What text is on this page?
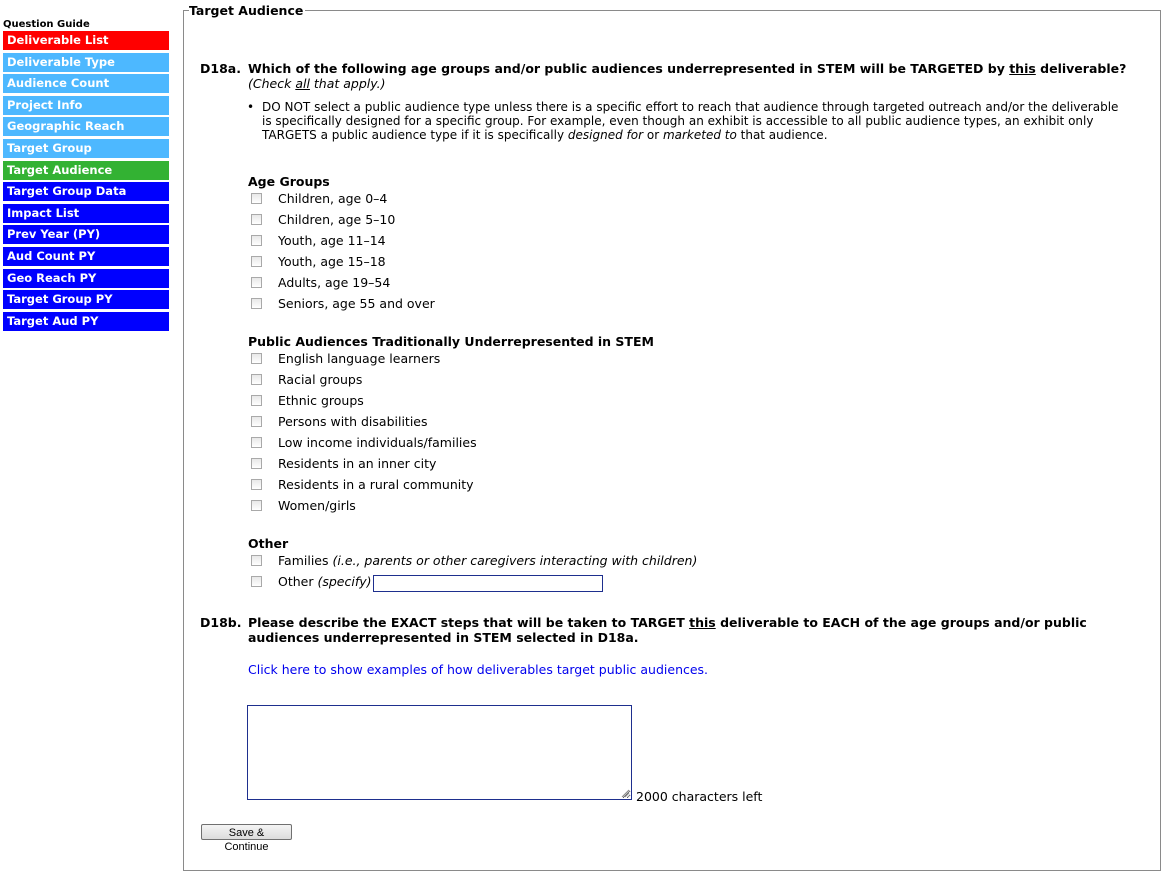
Question Guide
Deliverable List
Deliverable Type
Audience Count
Project Info
Geographic Reach
Target Group
Target Audience
Target Group Data
Impact List
Prev Year (PY)
Aud Count PY
Geo Reach PY
Target Group PY
Target Aud PY
Target Audience
D18a. Which of the following age groups and/or public audiences underrepresented in STEM will be TARGETED by this deliverable? (Check all that apply.)
• DO NOT select a public audience type unless there is a specific effort to reach that audience through targeted outreach and/or the deliverable is specifically designed for a specific group. For example, even though an exhibit is accessible to all public audience types, an exhibit only TARGETS a public audience type if it is specifically designed for or marketed to that audience.
Age Groups
Children, age 0–4
Children, age 5–10
Youth, age 11–14
Youth, age 15–18
Adults, age 19–54
Seniors, age 55 and over
Public Audiences Traditionally Underrepresented in STEM
English language learners
Racial groups
Ethnic groups
Persons with disabilities
Low income individuals/families
Residents in an inner city
Residents in a rural community
Women/girls
Other
Families (i.e., parents or other caregivers interacting with children)
Other (specify)
D18b. Please describe the EXACT steps that will be taken to TARGET this deliverable to EACH of the age groups and/or public audiences underrepresented in STEM selected in D18a.
Click here to show examples of how deliverables target public audiences.
2000 characters left
Save & Continue
